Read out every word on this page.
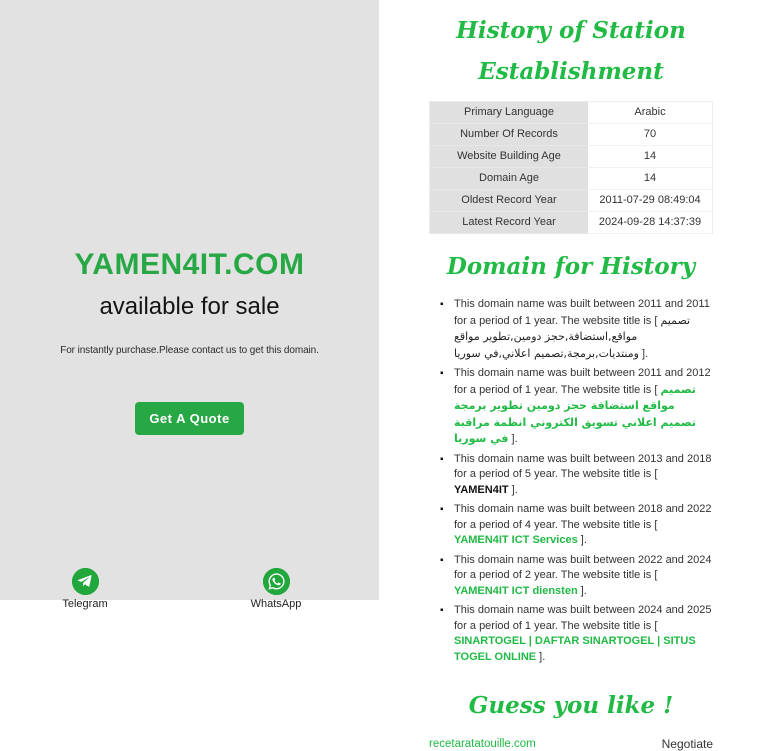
YAMEN4IT.COM
available for sale
For instantly purchase.Please contact us to get this domain.
Get A Quote
Telegram	WhatsApp
History of Station Establishment
Primary Language	Arabic
Number Of Records	70
Website Building Age	14
Domain Age	14
Oldest Record Year	2011-07-29 08:49:04
Latest Record Year	2024-09-28 14:37:39
Domain for History
▪ This domain name was built between 2011 and 2011 for a period of 1 year. The website title is [ تصميم مواقع,استضافة,حجز دومين,تطوير مواقع ومنتديات,برمجة,تصميم اعلاني,في سوريا ].
▪ This domain name was built between 2011 and 2012 for a period of 1 year. The website title is [ تصميم مواقع استضافة حجز دومين تطوير برمجة تصميم اعلاني تسويق الكتروني انظمة مراقبة في سوريا ].
▪ This domain name was built between 2013 and 2018 for a period of 5 year. The website title is [ YAMEN4IT ].
▪ This domain name was built between 2018 and 2022 for a period of 4 year. The website title is [ YAMEN4IT ICT Services ].
▪ This domain name was built between 2022 and 2024 for a period of 2 year. The website title is [ YAMEN4IT ICT diensten ].
▪ This domain name was built between 2024 and 2025 for a period of 1 year. The website title is [ SINARTOGEL | DAFTAR SINARTOGEL | SITUS TOGEL ONLINE ].
Guess you like !
recetaratatouille.com	Negotiate
